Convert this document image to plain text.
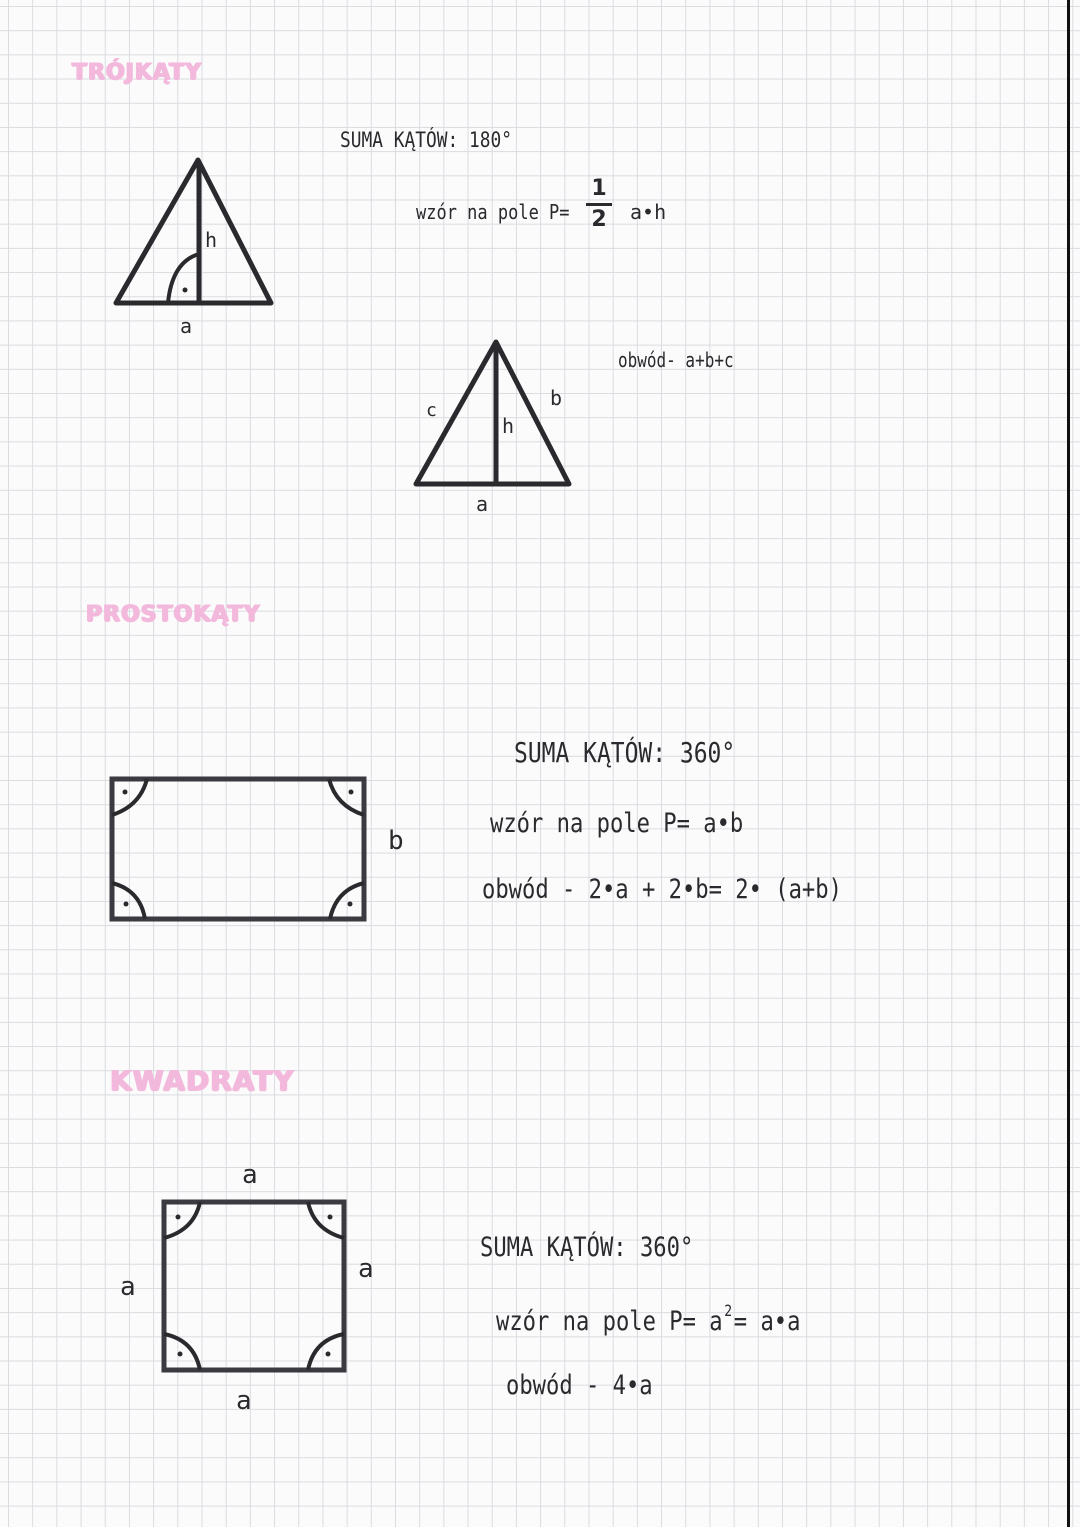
TRÓJKĄTY
h
a
SUMA KĄTÓW: 180°
wzór na pole P=
1
2 a•h
obwód- a+b+c
c
b
h
a
PROSTOKĄTY
b
SUMA KĄTÓW: 360°
wzór na pole P= a•b
obwód - 2•a + 2•b= 2• (a+b)
KWADRATY
a
a
a
a
SUMA KĄTÓW: 360°
wzór na pole P= a $^2$= a•a
obwód - 4•a
